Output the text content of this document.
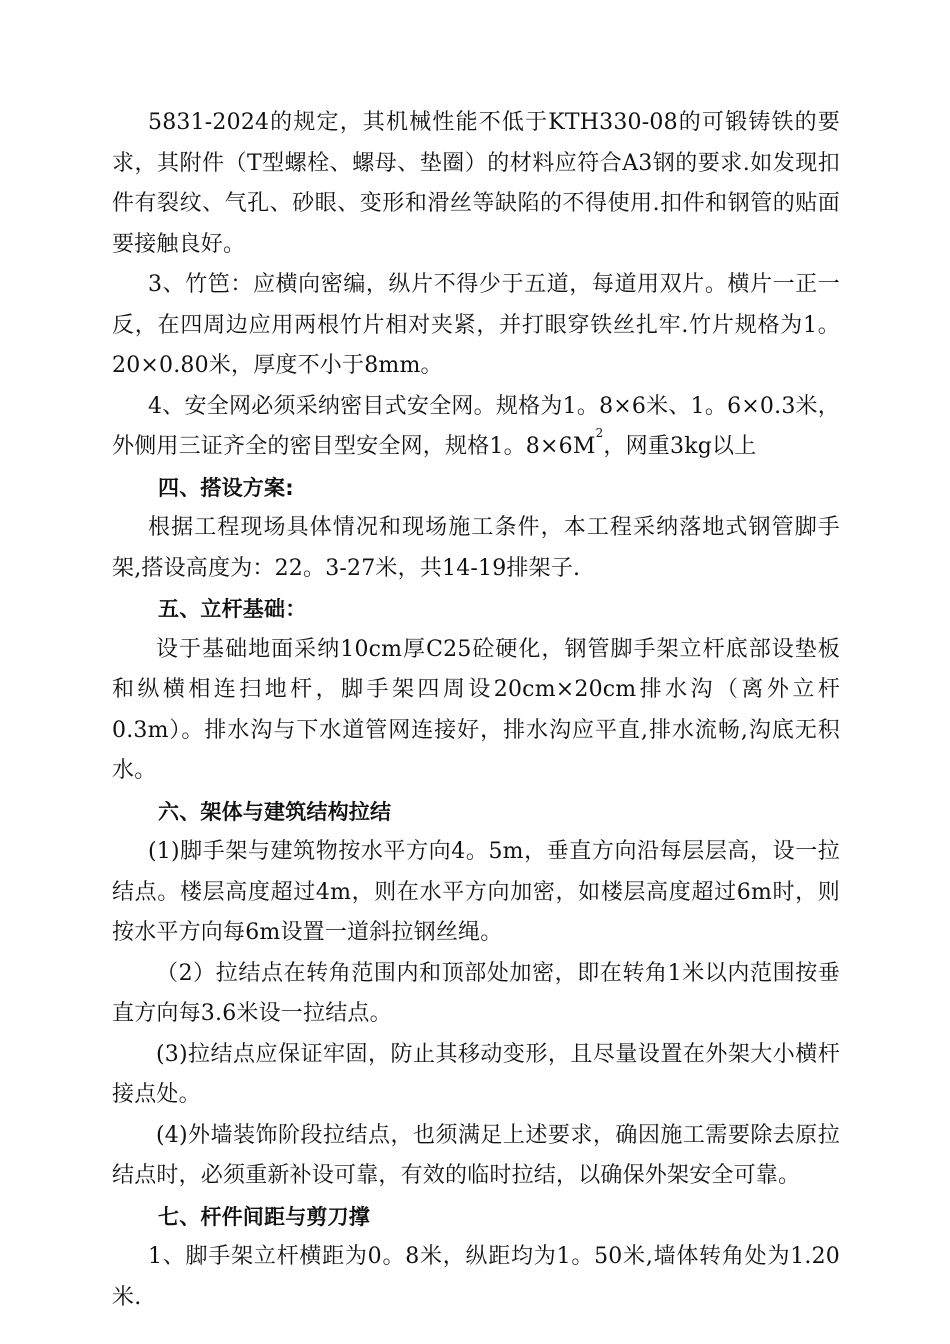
5831-2024的规定，其机械性能不低于KTH330-08的可锻铸铁的要求，其附件（T型螺栓、螺母、垫圈）的材料应符合A3钢的要求.如发现扣件有裂纹、气孔、砂眼、变形和滑丝等缺陷的不得使用.扣件和钢管的贴面要接触良好。

3、竹笆：应横向密编，纵片不得少于五道，每道用双片。横片一正一反，在四周边应用两根竹片相对夹紧，并打眼穿铁丝扎牢.竹片规格为1。20×0.80米，厚度不小于8mm。

4、安全网必须采纳密目式安全网。规格为1。8×6米、1。6×0.3米，外侧用三证齐全的密目型安全网，规格1。$8\times 6M^2$，网重3kg以上

四、搭设方案:

根据工程现场具体情况和现场施工条件，本工程采纳落地式钢管脚手架,搭设高度为：22。3-27米，共14-19排架子.

五、立杆基础：

设于基础地面采纳10cm厚C25砼硬化，钢管脚手架立杆底部设垫板和纵横相连扫地杆，脚手架四周设20cm×20cm排水沟（离外立杆0.3m）。排水沟与下水道管网连接好，排水沟应平直,排水流畅,沟底无积水。

六、架体与建筑结构拉结

(1)脚手架与建筑物按水平方向4。5m，垂直方向沿每层层高，设一拉结点。楼层高度超过4m，则在水平方向加密，如楼层高度超过6m时，则按水平方向每6m设置一道斜拉钢丝绳。

（2）拉结点在转角范围内和顶部处加密，即在转角1米以内范围按垂直方向每3.6米设一拉结点。

(3)拉结点应保证牢固，防止其移动变形，且尽量设置在外架大小横杆接点处。

(4)外墙装饰阶段拉结点，也须满足上述要求，确因施工需要除去原拉结点时，必须重新补设可靠，有效的临时拉结，以确保外架安全可靠。

七、杆件间距与剪刀撑

1、脚手架立杆横距为0。8米，纵距均为1。50米,墙体转角处为1.20米.
